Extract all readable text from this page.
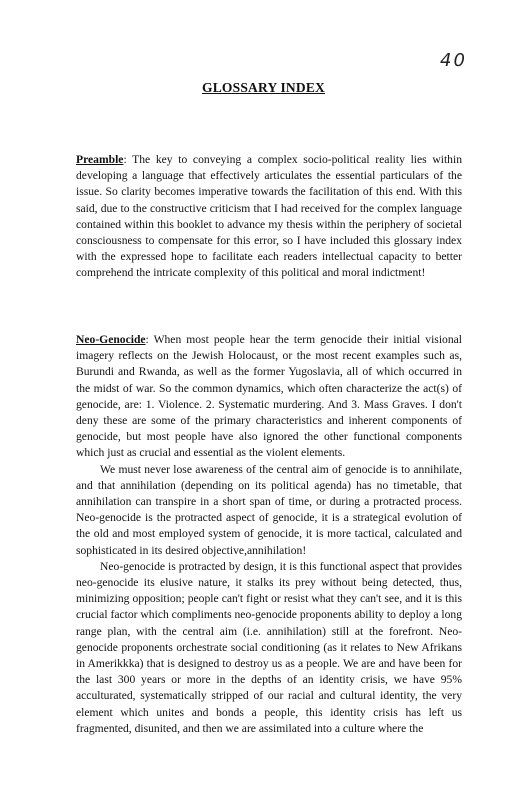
40
GLOSSARY INDEX

Preamble: The key to conveying a complex socio-political reality lies within developing a language that effectively articulates the essential particulars of the issue. So clarity becomes imperative towards the facilitation of this end. With this said, due to the constructive criticism that I had received for the complex language contained within this booklet to advance my thesis within the periphery of societal consciousness to compensate for this error, so I have included this glossary index with the expressed hope to facilitate each readers intellectual capacity to better comprehend the intricate complexity of this political and moral indictment!

Neo-Genocide: When most people hear the term genocide their initial visional imagery reflects on the Jewish Holocaust, or the most recent examples such as, Burundi and Rwanda, as well as the former Yugoslavia, all of which occurred in the midst of war. So the common dynamics, which often characterize the act(s) of genocide, are: 1. Violence. 2. Systematic murdering. And 3. Mass Graves. I don't deny these are some of the primary characteristics and inherent components of genocide, but most people have also ignored the other functional components which just as crucial and essential as the violent elements.

We must never lose awareness of the central aim of genocide is to annihilate, and that annihilation (depending on its political agenda) has no timetable, that annihilation can transpire in a short span of time, or during a protracted process. Neo-genocide is the protracted aspect of genocide, it is a strategical evolution of the old and most employed system of genocide, it is more tactical, calculated and sophisticated in its desired objective,annihilation!

Neo-genocide is protracted by design, it is this functional aspect that provides neo-genocide its elusive nature, it stalks its prey without being detected, thus, minimizing opposition; people can't fight or resist what they can't see, and it is this crucial factor which compliments neo-genocide proponents ability to deploy a long range plan, with the central aim (i.e. annihilation) still at the forefront. Neo-genocide proponents orchestrate social conditioning (as it relates to New Afrikans in Amerikkka) that is designed to destroy us as a people. We are and have been for the last 300 years or more in the depths of an identity crisis, we have 95% acculturated, systematically stripped of our racial and cultural identity, the very element which unites and bonds a people, this identity crisis has left us fragmented, disunited, and then we are assimilated into a culture where the
